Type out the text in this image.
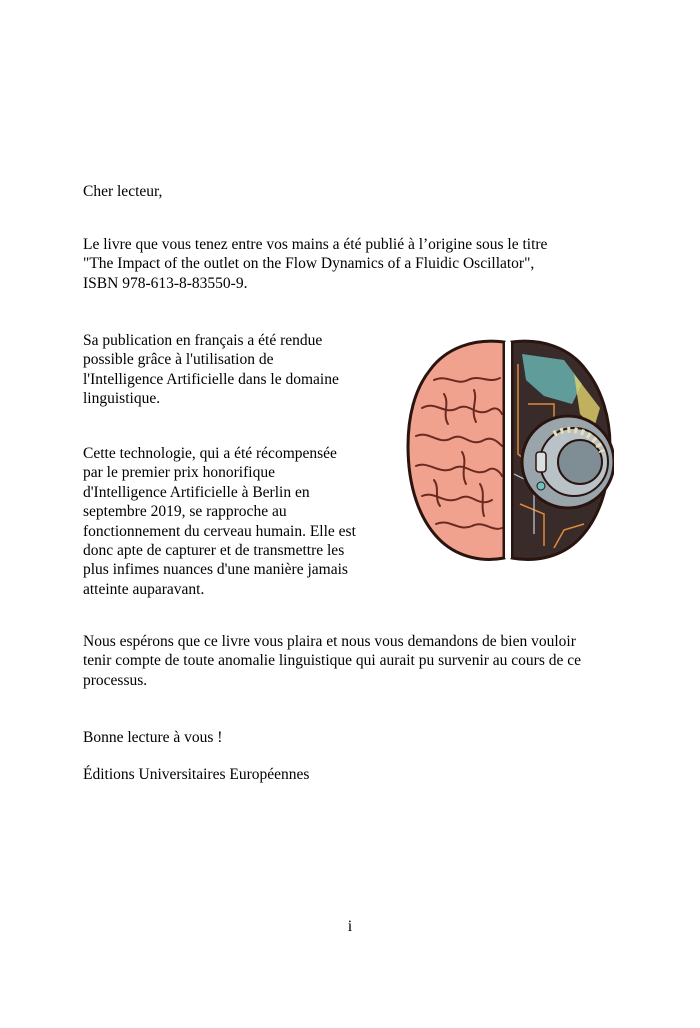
Cher lecteur,

Le livre que vous tenez entre vos mains a été publié à l’origine sous le titre
"The Impact of the outlet on the Flow Dynamics of a Fluidic Oscillator",
ISBN 978-613-8-83550-9.

Sa publication en français a été rendue
possible grâce à l'utilisation de
l'Intelligence Artificielle dans le domaine
linguistique.

Cette technologie, qui a été récompensée
par le premier prix honorifique
d'Intelligence Artificielle à Berlin en
septembre 2019, se rapproche au
fonctionnement du cerveau humain. Elle est
donc apte de capturer et de transmettre les
plus infimes nuances d'une manière jamais
atteinte auparavant.

Nous espérons que ce livre vous plaira et nous vous demandons de bien vouloir
tenir compte de toute anomalie linguistique qui aurait pu survenir au cours de ce
processus.

Bonne lecture à vous !

Éditions Universitaires Européennes

i
